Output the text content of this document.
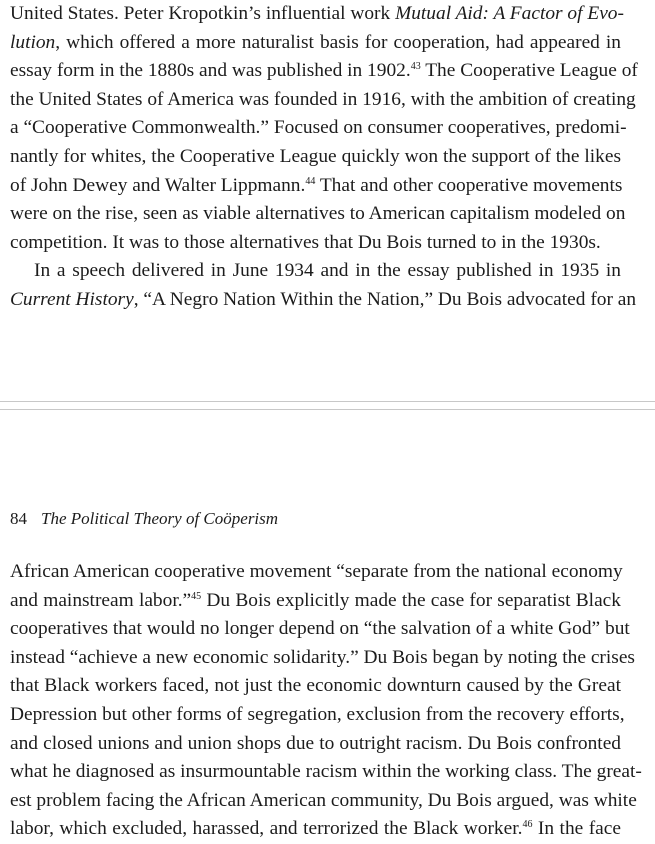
United States. Peter Kropotkin’s influential work Mutual Aid: A Factor of Evo-
lution, which offered a more naturalist basis for cooperation, had appeared in
essay form in the 1880s and was published in 1902.43 The Cooperative League of
the United States of America was founded in 1916, with the ambition of creating
a “Cooperative Commonwealth.” Focused on consumer cooperatives, predomi-
nantly for whites, the Cooperative League quickly won the support of the likes
of John Dewey and Walter Lippmann.$^{44}$ That and other cooperative movements
were on the rise, seen as viable alternatives to American capitalism modeled on
competition. It was to those alternatives that Du Bois turned to in the 1930s.
In a speech delivered in June 1934 and in the essay published in 1935 in
Current History, “A Negro Nation Within the Nation,” Du Bois advocated for an
84 The Political Theory of Coöperism
African American cooperative movement “separate from the national economy
and mainstream labor.”$^{45}$ Du Bois explicitly made the case for separatist Black
cooperatives that would no longer depend on “the salvation of a white God” but
instead “achieve a new economic solidarity.” Du Bois began by noting the crises
that Black workers faced, not just the economic downturn caused by the Great
Depression but other forms of segregation, exclusion from the recovery efforts,
and closed unions and union shops due to outright racism. Du Bois confronted
what he diagnosed as insurmountable racism within the working class. The great-
est problem facing the African American community, Du Bois argued, was white
labor, which excluded, harassed, and terrorized the Black worker.$^{46}$ In the face
